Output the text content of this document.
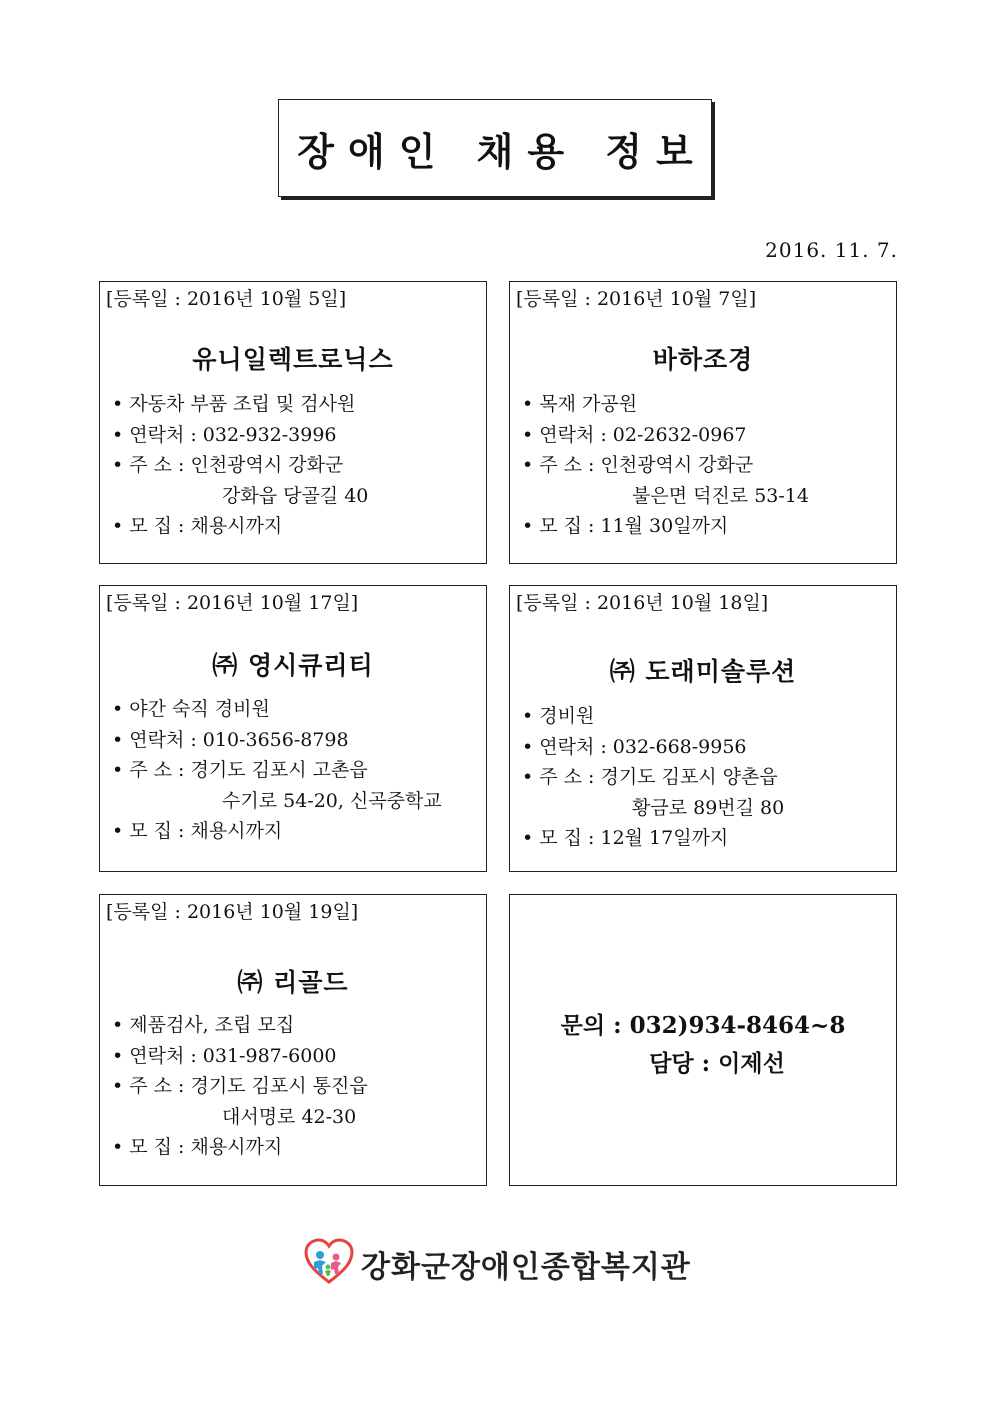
장애인 채용 정보
2016. 11. 7.
[등록일 : 2016년 10월 5일]
유니일렉트로닉스
• 자동차 부품 조립 및 검사원
• 연락처 : 032-932-3996
• 주 소 : 인천광역시 강화군
강화읍 당골길 40
• 모 집 : 채용시까지
[등록일 : 2016년 10월 7일]
바하조경
• 목재 가공원
• 연락처 : 02-2632-0967
• 주 소 : 인천광역시 강화군
불은면 덕진로 53-14
• 모 집 : 11월 30일까지
[등록일 : 2016년 10월 17일]
㈜ 영시큐리티
• 야간 숙직 경비원
• 연락처 : 010-3656-8798
• 주 소 : 경기도 김포시 고촌읍
수기로 54-20, 신곡중학교
• 모 집 : 채용시까지
[등록일 : 2016년 10월 18일]
㈜ 도래미솔루션
• 경비원
• 연락처 : 032-668-9956
• 주 소 : 경기도 김포시 양촌읍
황금로 89번길 80
• 모 집 : 12월 17일까지
[등록일 : 2016년 10월 19일]
㈜ 리골드
• 제품검사, 조립 모집
• 연락처 : 031-987-6000
• 주 소 : 경기도 김포시 통진읍
대서명로 42-30
• 모 집 : 채용시까지
문의 : 032)934-8464~8
담당 : 이제선
강화군장애인종합복지관
